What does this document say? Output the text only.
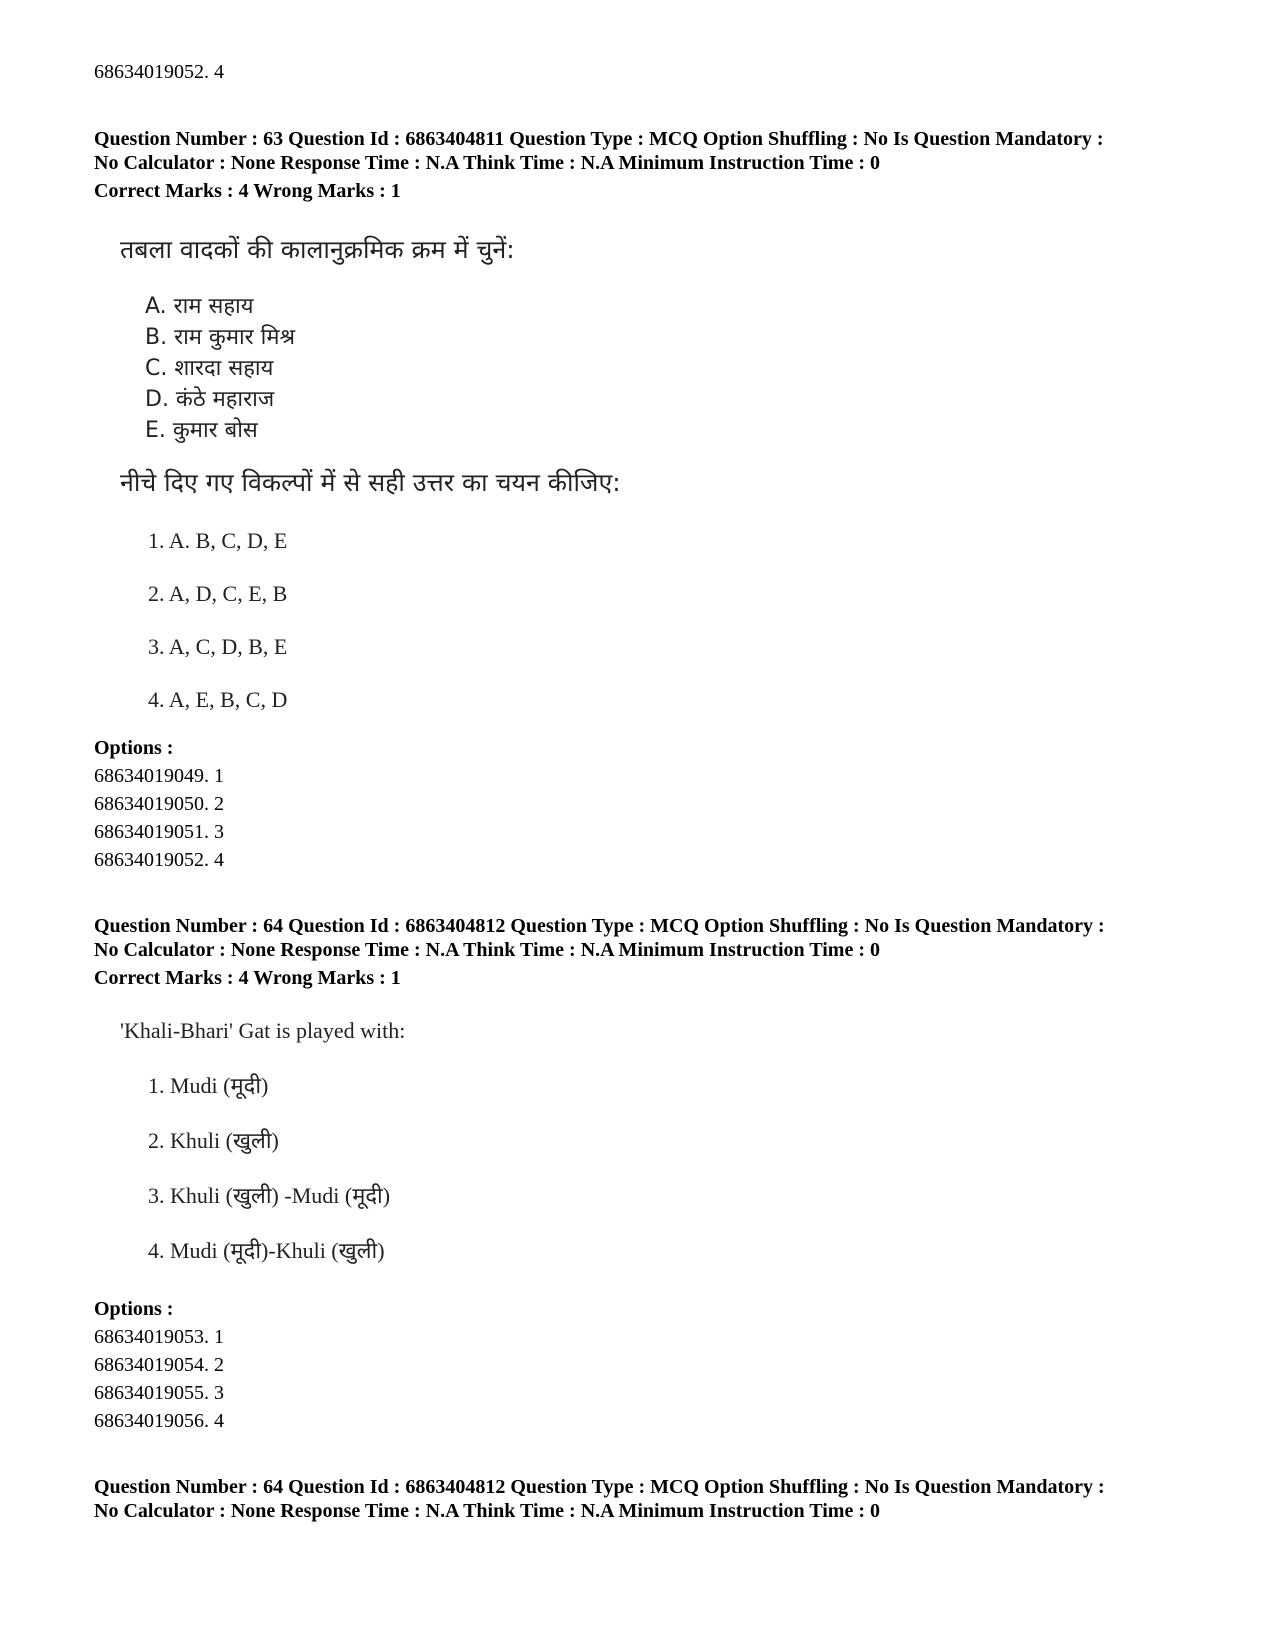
68634019052. 4
Question Number : 63 Question Id : 6863404811 Question Type : MCQ Option Shuffling : No Is Question Mandatory :
No Calculator : None Response Time : N.A Think Time : N.A Minimum Instruction Time : 0
Correct Marks : 4 Wrong Marks : 1
तबला वादकों की कालानुक्रमिक क्रम में चुनें:
A. राम सहाय
B. राम कुमार मिश्र
C. शारदा सहाय
D. कंठे महाराज
E. कुमार बोस
नीचे दिए गए विकल्पों में से सही उत्तर का चयन कीजिए:
1. A. B, C, D, E
2. A, D, C, E, B
3. A, C, D, B, E
4. A, E, B, C, D
Options :
68634019049. 1
68634019050. 2
68634019051. 3
68634019052. 4
Question Number : 64 Question Id : 6863404812 Question Type : MCQ Option Shuffling : No Is Question Mandatory :
No Calculator : None Response Time : N.A Think Time : N.A Minimum Instruction Time : 0
Correct Marks : 4 Wrong Marks : 1
'Khali-Bhari' Gat is played with:
1. Mudi (मूदी)
2. Khuli (खुली)
3. Khuli (खुली) -Mudi (मूदी)
4. Mudi (मूदी)-Khuli (खुली)
Options :
68634019053. 1
68634019054. 2
68634019055. 3
68634019056. 4
Question Number : 64 Question Id : 6863404812 Question Type : MCQ Option Shuffling : No Is Question Mandatory :
No Calculator : None Response Time : N.A Think Time : N.A Minimum Instruction Time : 0
